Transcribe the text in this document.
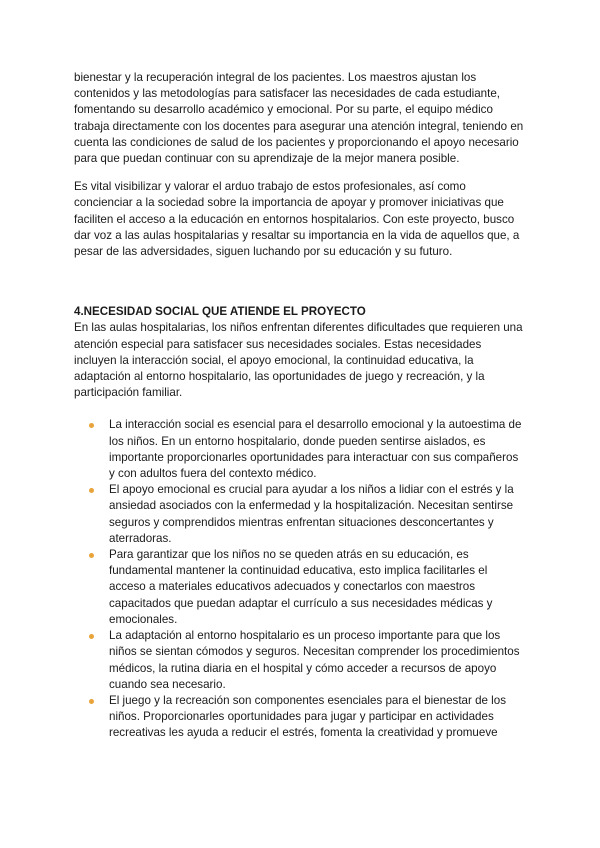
bienestar y la recuperación integral de los pacientes. Los maestros ajustan los contenidos y las metodologías para satisfacer las necesidades de cada estudiante, fomentando su desarrollo académico y emocional. Por su parte, el equipo médico trabaja directamente con los docentes para asegurar una atención integral, teniendo en cuenta las condiciones de salud de los pacientes y proporcionando el apoyo necesario para que puedan continuar con su aprendizaje de la mejor manera posible.

Es vital visibilizar y valorar el arduo trabajo de estos profesionales, así como concienciar a la sociedad sobre la importancia de apoyar y promover iniciativas que faciliten el acceso a la educación en entornos hospitalarios. Con este proyecto, busco dar voz a las aulas hospitalarias y resaltar su importancia en la vida de aquellos que, a pesar de las adversidades, siguen luchando por su educación y su futuro.

4.NECESIDAD SOCIAL QUE ATIENDE EL PROYECTO

En las aulas hospitalarias, los niños enfrentan diferentes dificultades que requieren una atención especial para satisfacer sus necesidades sociales. Estas necesidades incluyen la interacción social, el apoyo emocional, la continuidad educativa, la adaptación al entorno hospitalario, las oportunidades de juego y recreación, y la participación familiar.

La interacción social es esencial para el desarrollo emocional y la autoestima de los niños. En un entorno hospitalario, donde pueden sentirse aislados, es importante proporcionarles oportunidades para interactuar con sus compañeros y con adultos fuera del contexto médico.
El apoyo emocional es crucial para ayudar a los niños a lidiar con el estrés y la ansiedad asociados con la enfermedad y la hospitalización. Necesitan sentirse seguros y comprendidos mientras enfrentan situaciones desconcertantes y aterradoras.
Para garantizar que los niños no se queden atrás en su educación, es fundamental mantener la continuidad educativa, esto implica facilitarles el acceso a materiales educativos adecuados y conectarlos con maestros capacitados que puedan adaptar el currículo a sus necesidades médicas y emocionales.
La adaptación al entorno hospitalario es un proceso importante para que los niños se sientan cómodos y seguros. Necesitan comprender los procedimientos médicos, la rutina diaria en el hospital y cómo acceder a recursos de apoyo cuando sea necesario.
El juego y la recreación son componentes esenciales para el bienestar de los niños. Proporcionarles oportunidades para jugar y participar en actividades recreativas les ayuda a reducir el estrés, fomenta la creatividad y promueve
